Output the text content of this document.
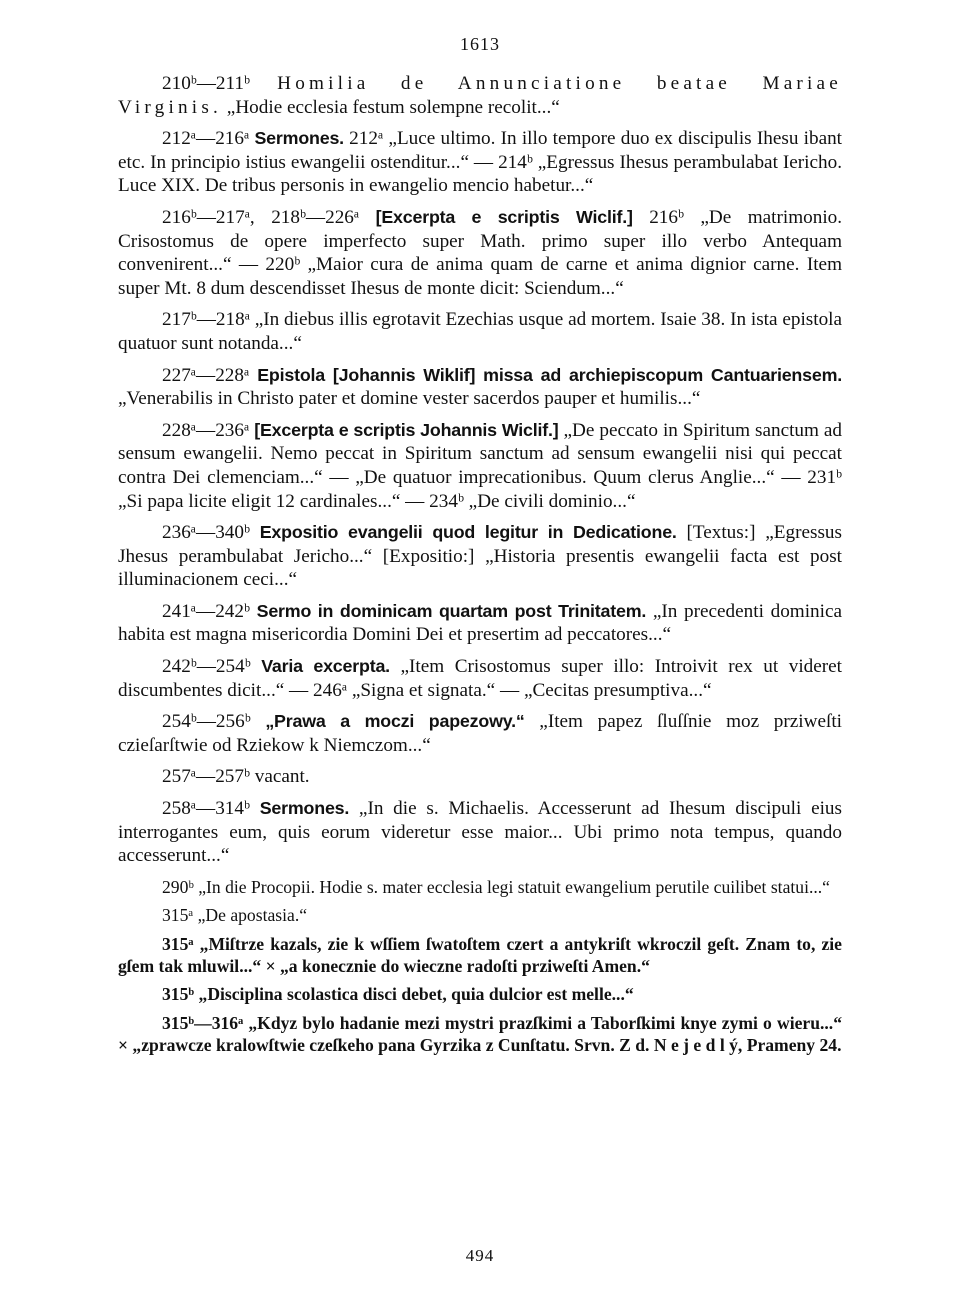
1613

210ᵇ—211ᵇ Homilia de Annunciatione beatae Mariae Virginis. „Hodie ecclesia festum solempne recolit...“

212ᵃ—216ᵃ Sermones. 212ᵃ „Luce ultimo. In illo tempore duo ex discipulis Ihesu ibant etc. In principio istius ewangelii ostenditur...“ — 214ᵇ „Egressus Ihesus perambulabat Iericho. Luce XIX. De tribus personis in ewangelio mencio habetur...“

216ᵇ—217ᵃ, 218ᵇ—226ᵃ [Excerpta e scriptis Wiclif.] 216ᵇ „De matrimonio. Crisostomus de opere imperfecto super Math. primo super illo verbo Antequam convenirent...“ — 220ᵇ „Maior cura de anima quam de carne et anima dignior carne. Item super Mt. 8 dum descendisset Ihesus de monte dicit: Sciendum...“

217ᵇ—218ᵃ „In diebus illis egrotavit Ezechias usque ad mortem. Isaie 38. In ista epistola quatuor sunt notanda...“

227ᵃ—228ᵃ Epistola [Johannis Wiklif] missa ad archiepiscopum Cantuariensem. „Venerabilis in Christo pater et domine vester sacerdos pauper et humilis...“

228ᵃ—236ᵃ [Excerpta e scriptis Johannis Wiclif.] „De peccato in Spiritum sanctum ad sensum ewangelii. Nemo peccat in Spiritum sanctum ad sensum ewangelii nisi qui peccat contra Dei clemenciam...“ — „De quatuor imprecationibus. Quum clerus Anglie...“ — 231ᵇ „Si papa licite eligit 12 cardinales...“ — 234ᵇ „De civili dominio...“

236ᵃ—340ᵇ Expositio evangelii quod legitur in Dedicatione. [Textus:] „Egressus Jhesus perambulabat Jericho...“ [Expositio:] „Historia presentis ewangelii facta est post illuminacionem ceci...“

241ᵃ—242ᵇ Sermo in dominicam quartam post Trinitatem. „In precedenti dominica habita est magna misericordia Domini Dei et presertim ad peccatores...“

242ᵇ—254ᵇ Varia excerpta. „Item Crisostomus super illo: Introivit rex ut videret discumbentes dicit...“ — 246ᵃ „Signa et signata.“ — „Cecitas presumptiva...“

254ᵇ—256ᵇ „Prawa a moczi papezowy.“ „Item papez ſluſſnie moz prziweſti czieſarſtwie od Rziekow k Niemczom...“

257ᵃ—257ᵇ vacant.

258ᵃ—314ᵇ Sermones. „In die s. Michaelis. Accesserunt ad Ihesum discipuli eius interrogantes eum, quis eorum videretur esse maior... Ubi primo nota tempus, quando accesserunt...“

290ᵇ „In die Procopii. Hodie s. mater ecclesia legi statuit ewangelium perutile cuilibet statui...“

315ᵃ „De apostasia.“

315ᵃ „Miſtrze kazals, zie k wſſiem ſwatoſtem czert a antykriſt wkroczil geſt. Znam to, zie gſem tak mluwil...“ × „a konecznie do wieczne radoſti prziweſti Amen.“

315ᵇ „Disciplina scolastica disci debet, quia dulcior est melle...“

315ᵇ—316ᵃ „Kdyz bylo hadanie mezi mystri prazſkimi a Taborſkimi knye zymi o wieru...“ × „zprawcze kralowſtwie czeſkeho pana Gyrzika z Cunſtatu. Srvn. Z d. N e j e d l ý, Prameny 24.

494
